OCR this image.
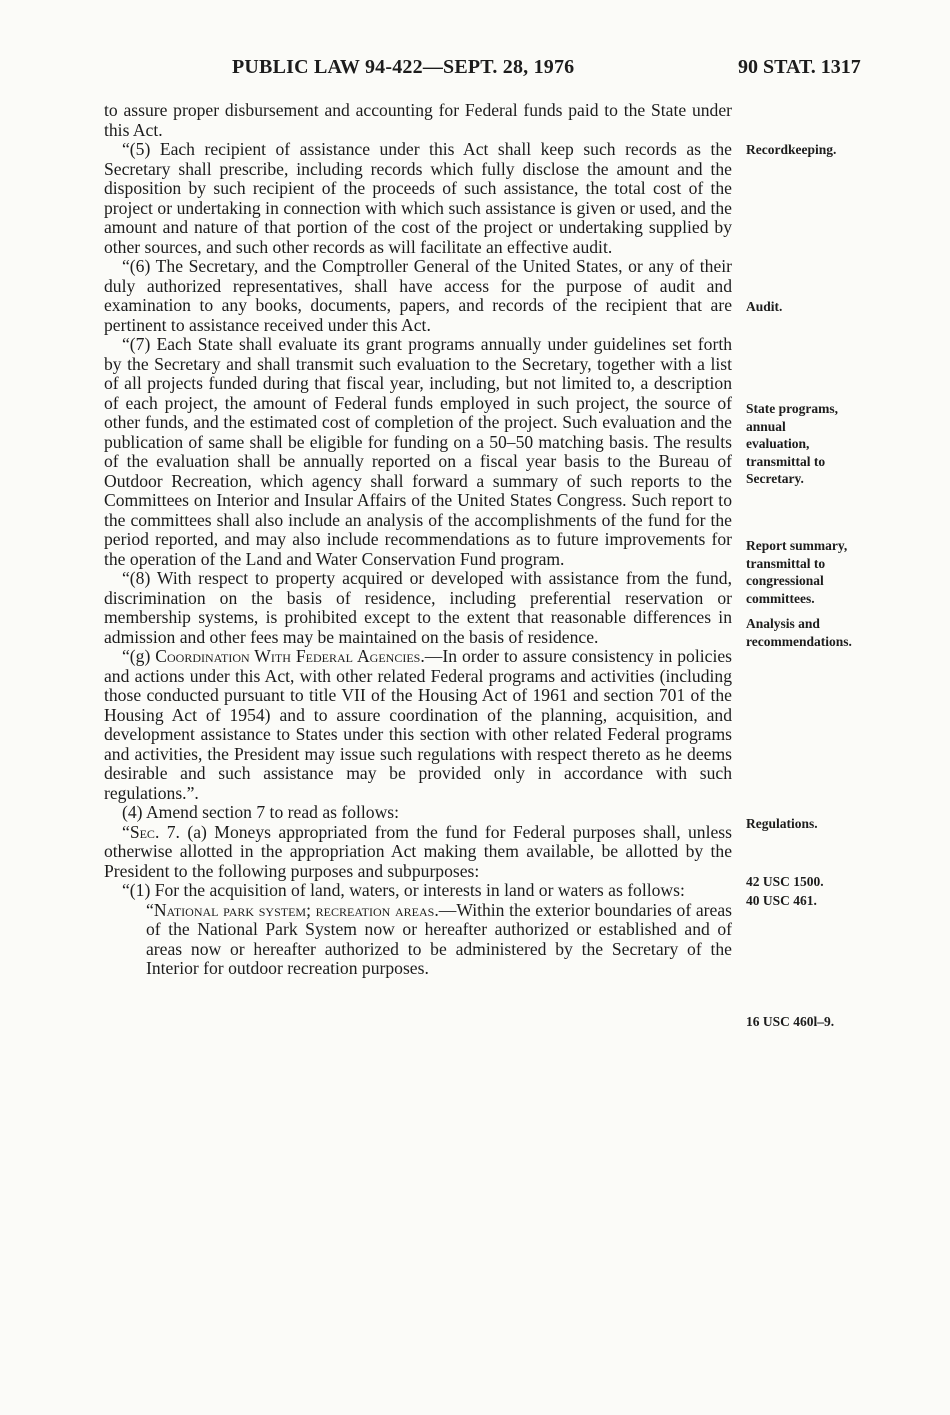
PUBLIC LAW 94-422—SEPT. 28, 1976	90 STAT. 1317

to assure proper disbursement and accounting for Federal funds paid to the State under this Act.

“(5) Each recipient of assistance under this Act shall keep such records as the Secretary shall prescribe, including records which fully disclose the amount and the disposition by such recipient of the proceeds of such assistance, the total cost of the project or undertaking in connection with which such assistance is given or used, and the amount and nature of that portion of the cost of the project or undertaking supplied by other sources, and such other records as will facilitate an effective audit.

“(6) The Secretary, and the Comptroller General of the United States, or any of their duly authorized representatives, shall have access for the purpose of audit and examination to any books, documents, papers, and records of the recipient that are pertinent to assistance received under this Act.

“(7) Each State shall evaluate its grant programs annually under guidelines set forth by the Secretary and shall transmit such evaluation to the Secretary, together with a list of all projects funded during that fiscal year, including, but not limited to, a description of each project, the amount of Federal funds employed in such project, the source of other funds, and the estimated cost of completion of the project. Such evaluation and the publication of same shall be eligible for funding on a 50–50 matching basis. The results of the evaluation shall be annually reported on a fiscal year basis to the Bureau of Outdoor Recreation, which agency shall forward a summary of such reports to the Committees on Interior and Insular Affairs of the United States Congress. Such report to the committees shall also include an analysis of the accomplishments of the fund for the period reported, and may also include recommendations as to future improvements for the operation of the Land and Water Conservation Fund program.

“(8) With respect to property acquired or developed with assistance from the fund, discrimination on the basis of residence, including preferential reservation or membership systems, is prohibited except to the extent that reasonable differences in admission and other fees may be maintained on the basis of residence.

“(g) Coordination With Federal Agencies.—In order to assure consistency in policies and actions under this Act, with other related Federal programs and activities (including those conducted pursuant to title VII of the Housing Act of 1961 and section 701 of the Housing Act of 1954) and to assure coordination of the planning, acquisition, and development assistance to States under this section with other related Federal programs and activities, the President may issue such regulations with respect thereto as he deems desirable and such assistance may be provided only in accordance with such regulations.”.

(4) Amend section 7 to read as follows:

“Sec. 7. (a) Moneys appropriated from the fund for Federal purposes shall, unless otherwise allotted in the appropriation Act making them available, be allotted by the President to the following purposes and subpurposes:

“(1) For the acquisition of land, waters, or interests in land or waters as follows:

“National park system; recreation areas.—Within the exterior boundaries of areas of the National Park System now or hereafter authorized or established and of areas now or hereafter authorized to be administered by the Secretary of the Interior for outdoor recreation purposes.

Recordkeeping.
Audit.
State programs,
annual
evaluation,
transmittal to
Secretary.
Report summary,
transmittal to
congressional
committees.
Analysis and
recommendations.
Regulations.
42 USC 1500.
40 USC 461.
16 USC 460l–9.
